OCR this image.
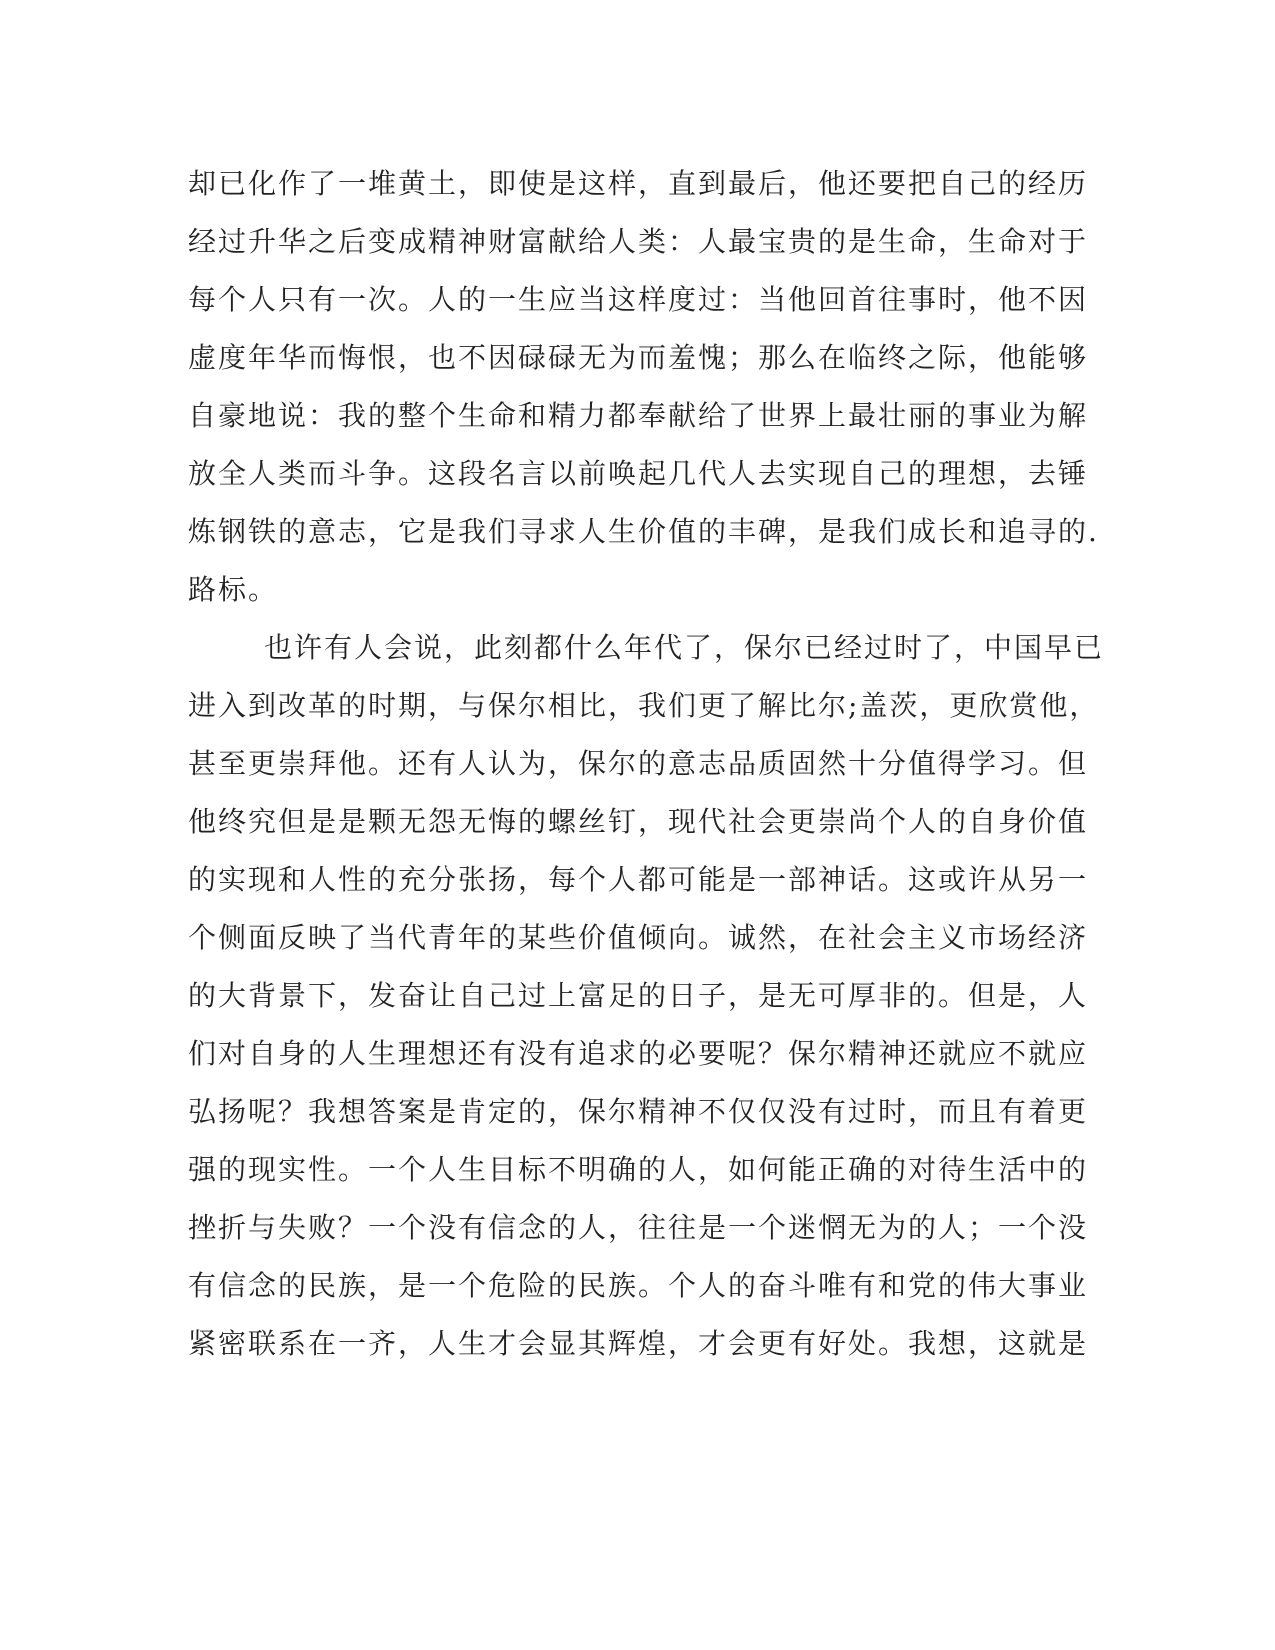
却已化作了一堆黄土，即使是这样，直到最后，他还要把自己的经历
经过升华之后变成精神财富献给人类：人最宝贵的是生命，生命对于
每个人只有一次。人的一生应当这样度过：当他回首往事时，他不因
虚度年华而悔恨，也不因碌碌无为而羞愧；那么在临终之际，他能够
自豪地说：我的整个生命和精力都奉献给了世界上最壮丽的事业为解
放全人类而斗争。这段名言以前唤起几代人去实现自己的理想，去锤
炼钢铁的意志，它是我们寻求人生价值的丰碑，是我们成长和追寻的.
路标。
也许有人会说，此刻都什么年代了，保尔已经过时了，中国早已
进入到改革的时期，与保尔相比，我们更了解比尔;盖茨，更欣赏他，
甚至更崇拜他。还有人认为，保尔的意志品质固然十分值得学习。但
他终究但是是颗无怨无悔的螺丝钉，现代社会更崇尚个人的自身价值
的实现和人性的充分张扬，每个人都可能是一部神话。这或许从另一
个侧面反映了当代青年的某些价值倾向。诚然，在社会主义市场经济
的大背景下，发奋让自己过上富足的日子，是无可厚非的。但是，人
们对自身的人生理想还有没有追求的必要呢？保尔精神还就应不就应
弘扬呢？我想答案是肯定的，保尔精神不仅仅没有过时，而且有着更
强的现实性。一个人生目标不明确的人，如何能正确的对待生活中的
挫折与失败？一个没有信念的人，往往是一个迷惘无为的人；一个没
有信念的民族，是一个危险的民族。个人的奋斗唯有和党的伟大事业
紧密联系在一齐，人生才会显其辉煌，才会更有好处。我想，这就是
